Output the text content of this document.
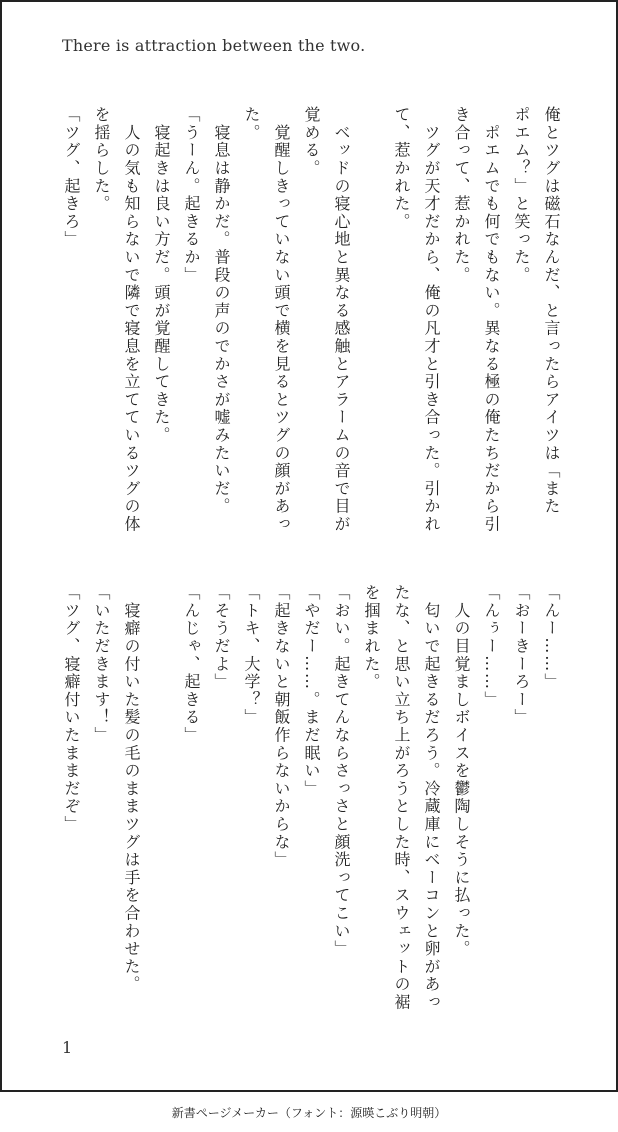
There is attraction between the two.

俺とツグは磁石なんだ、と言ったらアイツは「また

ポエム？」と笑った。

　ポエムでも何でもない。異なる極の俺たちだから引

き合って、惹かれた。

　ツグが天才だから、俺の凡才と引き合った。引かれ

て、惹かれた。

　ベッドの寝心地と異なる感触とアラームの音で目が

覚める。

　覚醒しきっていない頭で横を見るとツグの顔があっ

た。

　寝息は静かだ。普段の声のでかさが嘘みたいだ。

「うーん。起きるか」

　寝起きは良い方だ。頭が覚醒してきた。

　人の気も知らないで隣で寝息を立てているツグの体

を揺らした。

「ツグ、起きろ」

「んー……」

「おーきーろー」

「んぅー……」

　人の目覚ましボイスを鬱陶しそうに払った。

　匂いで起きるだろう。冷蔵庫にベーコンと卵があっ

たな、と思い立ち上がろうとした時、スウェットの裾

を掴まれた。

「おい。起きてんならさっさと顔洗ってこい」

「やだー……。まだ眠い」

「起きないと朝飯作らないからな」

「トキ、大学？」

「そうだよ」

「んじゃ、起きる」

　寝癖の付いた髪の毛のままツグは手を合わせた。

「いただきます！」

「ツグ、寝癖付いたままだぞ」

1
新書ページメーカー（フォント：源暎こぶり明朝）
